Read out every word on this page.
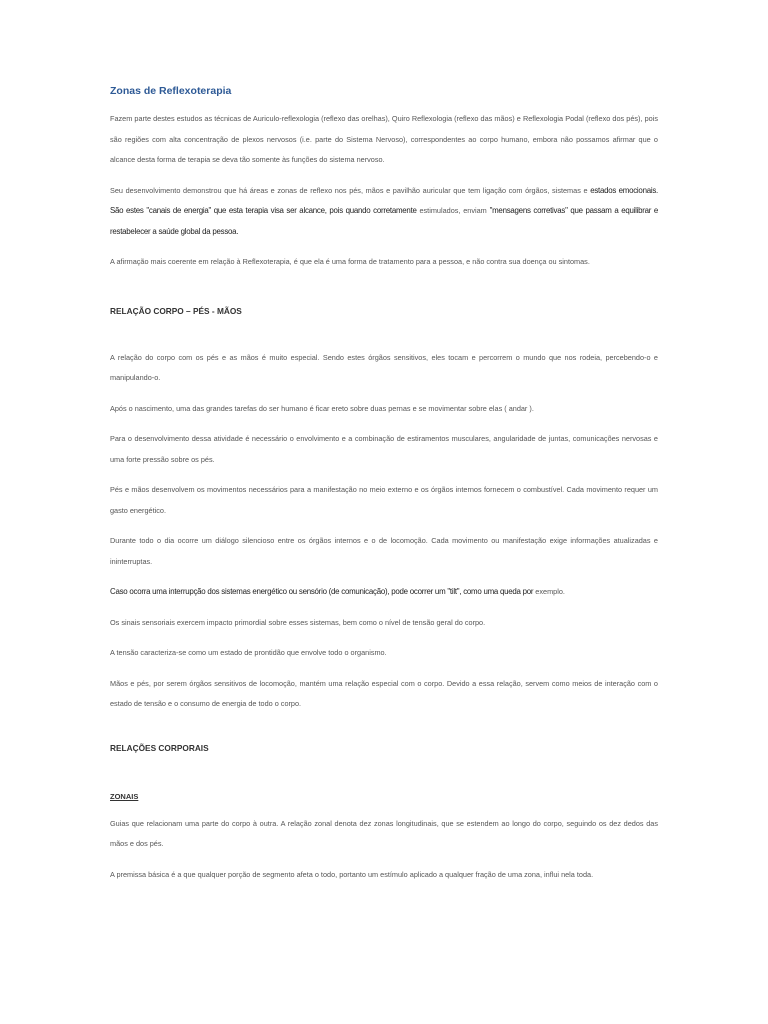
Zonas de Reflexoterapia

Fazem parte destes estudos as técnicas de Auriculo-reflexologia (reflexo das orelhas), Quiro Reflexologia (reflexo das mãos) e Reflexologia Podal (reflexo dos pés), pois são regiões com alta concentração de plexos nervosos (i.e. parte do Sistema Nervoso), correspondentes ao corpo humano, embora não possamos afirmar que o alcance desta forma de terapia se deva tão somente às funções do sistema nervoso.

Seu desenvolvimento demonstrou que há áreas e zonas de reflexo nos pés, mãos e pavilhão auricular que tem ligação com órgãos, sistemas e estados emocionais. São estes "canais de energia" que esta terapia visa ser alcance, pois quando corretamente estimulados, enviam "mensagens corretivas" que passam a equilibrar e restabelecer a saúde global da pessoa.

A afirmação mais coerente em relação à Reflexoterapia, é que ela é uma forma de tratamento para a pessoa, e não contra sua doença ou sintomas.

RELAÇÃO CORPO – PÉS - MÃOS

A relação do corpo com os pés e as mãos é muito especial. Sendo estes órgãos sensitivos, eles tocam e percorrem o mundo que nos rodeia, percebendo-o e manipulando-o.

Após o nascimento, uma das grandes tarefas do ser humano é ficar ereto sobre duas pernas e se movimentar sobre elas ( andar ).

Para o desenvolvimento dessa atividade é necessário o envolvimento e a combinação de estiramentos musculares, angularidade de juntas, comunicações nervosas e uma forte pressão sobre os pés.

Pés e mãos desenvolvem os movimentos necessários para a manifestação no meio externo e os órgãos internos fornecem o combustível. Cada movimento requer um gasto energético.

Durante todo o dia ocorre um diálogo silencioso entre os órgãos internos e o de locomoção. Cada movimento ou manifestação exige informações atualizadas e ininterruptas.

Caso ocorra uma interrupção dos sistemas energético ou sensório (de comunicação), pode ocorrer um "tilt", como uma queda por exemplo.

Os sinais sensoriais exercem impacto primordial sobre esses sistemas, bem como o nível de tensão geral do corpo.

A tensão caracteriza-se como um estado de prontidão que envolve todo o organismo.

Mãos e pés, por serem órgãos sensitivos de locomoção, mantém uma relação especial com o corpo. Devido a essa relação, servem como meios de interação com o estado de tensão e o consumo de energia de todo o corpo.

RELAÇÕES CORPORAIS
ZONAIS

Guias que relacionam uma parte do corpo à outra. A relação zonal denota dez zonas longitudinais, que se estendem ao longo do corpo, seguindo os dez dedos das mãos e dos pés.

A premissa básica é a que qualquer porção de segmento afeta o todo, portanto um estímulo aplicado a qualquer fração de uma zona, influi nela toda.
